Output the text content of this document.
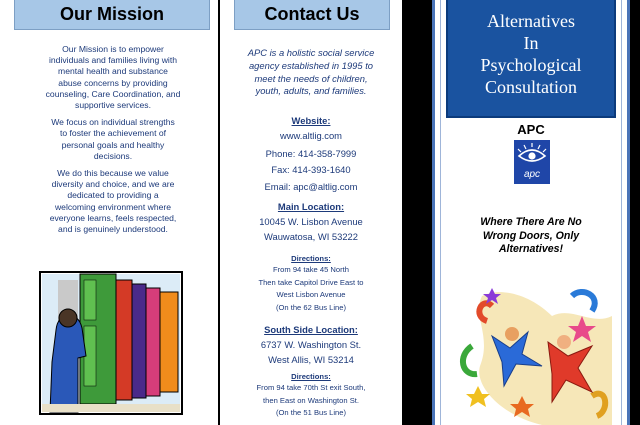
Our Mission

Our Mission is to empower
individuals and families living with
mental health and substance
abuse concerns by providing
counseling, Care Coordination, and
supportive services.

We focus on individual strengths
to foster the achievement of
personal goals and healthy
decisions.

We do this because we value
diversity and choice, and we are
dedicated to providing a
welcoming environment where
everyone learns, feels respected,
and is genuinely understood.

Contact Us
APC is a holistic social service
agency established in 1995 to
meet the needs of children,
youth, adults, and families.
Website:
www.altlig.com
Phone: 414-358-7999
Fax: 414-393-1640
Email: apc@altlig.com
Main Location:
10045 W. Lisbon Avenue
Wauwatosa, WI 53222
Directions:
From 94 take 45 North
Then take Capitol Drive East to
West Lisbon Avenue
(On the 62 Bus Line)
South Side Location:
6737 W. Washington St.
West Allis, WI 53214
Directions:
From 94 take 70th St exit South,
then East on Washington St.
(On the 51 Bus Line)
Alternatives
In
Psychological
Consultation
APC
apc
Where There Are No
Wrong Doors, Only
Alternatives!
